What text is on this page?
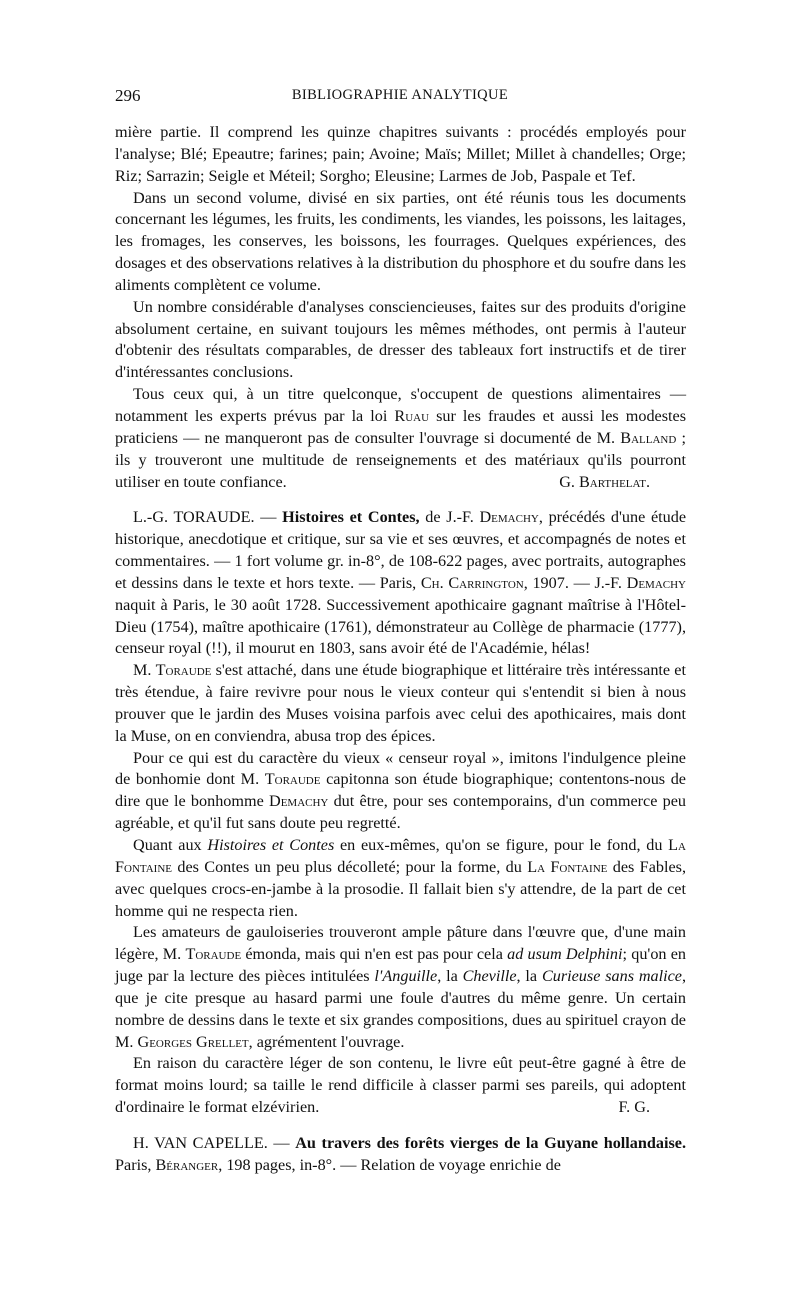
296	BIBLIOGRAPHIE ANALYTIQUE

mière partie. Il comprend les quinze chapitres suivants : procédés employés pour l'analyse; Blé; Epeautre; farines; pain; Avoine; Maïs; Millet; Millet à chandelles; Orge; Riz; Sarrazin; Seigle et Méteil; Sorgho; Eleusine; Larmes de Job, Paspale et Tef.

Dans un second volume, divisé en six parties, ont été réunis tous les documents concernant les légumes, les fruits, les condiments, les viandes, les poissons, les laitages, les fromages, les conserves, les boissons, les fourrages. Quelques expériences, des dosages et des observations relatives à la distribution du phosphore et du soufre dans les aliments complètent ce volume.

Un nombre considérable d'analyses consciencieuses, faites sur des produits d'origine absolument certaine, en suivant toujours les mêmes méthodes, ont permis à l'auteur d'obtenir des résultats comparables, de dresser des tableaux fort instructifs et de tirer d'intéressantes conclusions.

Tous ceux qui, à un titre quelconque, s'occupent de questions alimentaires — notamment les experts prévus par la loi Ruau sur les fraudes et aussi les modestes praticiens — ne manqueront pas de consulter l'ouvrage si documenté de M. Balland ; ils y trouveront une multitude de renseignements et des matériaux qu'ils pourront utiliser en toute confiance.	G. Barthelat.

L.-G. TORAUDE. — Histoires et Contes, de J.-F. Demachy, précédés d'une étude historique, anecdotique et critique, sur sa vie et ses œuvres, et accompagnés de notes et commentaires. — 1 fort volume gr. in-8°, de 108-622 pages, avec portraits, autographes et dessins dans le texte et hors texte. — Paris, Ch. Carrington, 1907. — J.-F. Demachy naquit à Paris, le 30 août 1728. Successivement apothicaire gagnant maîtrise à l'Hôtel-Dieu (1754), maître apothicaire (1761), démonstrateur au Collège de pharmacie (1777), censeur royal (!!), il mourut en 1803, sans avoir été de l'Académie, hélas!

M. Toraude s'est attaché, dans une étude biographique et littéraire très intéressante et très étendue, à faire revivre pour nous le vieux conteur qui s'entendit si bien à nous prouver que le jardin des Muses voisina parfois avec celui des apothicaires, mais dont la Muse, on en conviendra, abusa trop des épices.

Pour ce qui est du caractère du vieux « censeur royal », imitons l'indulgence pleine de bonhomie dont M. Toraude capitonna son étude biographique; contentons-nous de dire que le bonhomme Demachy dut être, pour ses contemporains, d'un commerce peu agréable, et qu'il fut sans doute peu regretté.

Quant aux Histoires et Contes en eux-mêmes, qu'on se figure, pour le fond, du La Fontaine des Contes un peu plus décolleté; pour la forme, du La Fontaine des Fables, avec quelques crocs-en-jambe à la prosodie. Il fallait bien s'y attendre, de la part de cet homme qui ne respecta rien.

Les amateurs de gauloiseries trouveront ample pâture dans l'œuvre que, d'une main légère, M. Toraude émonda, mais qui n'en est pas pour cela ad usum Delphini; qu'on en juge par la lecture des pièces intitulées l'Anguille, la Cheville, la Curieuse sans malice, que je cite presque au hasard parmi une foule d'autres du même genre. Un certain nombre de dessins dans le texte et six grandes compositions, dues au spirituel crayon de M. Georges Grellet, agrémentent l'ouvrage.

En raison du caractère léger de son contenu, le livre eût peut-être gagné à être de format moins lourd; sa taille le rend difficile à classer parmi ses pareils, qui adoptent d'ordinaire le format elzévirien.	F. G.

H. VAN CAPELLE. — Au travers des forêts vierges de la Guyane hollandaise. Paris, Béranger, 198 pages, in-8°. — Relation de voyage enrichie de
